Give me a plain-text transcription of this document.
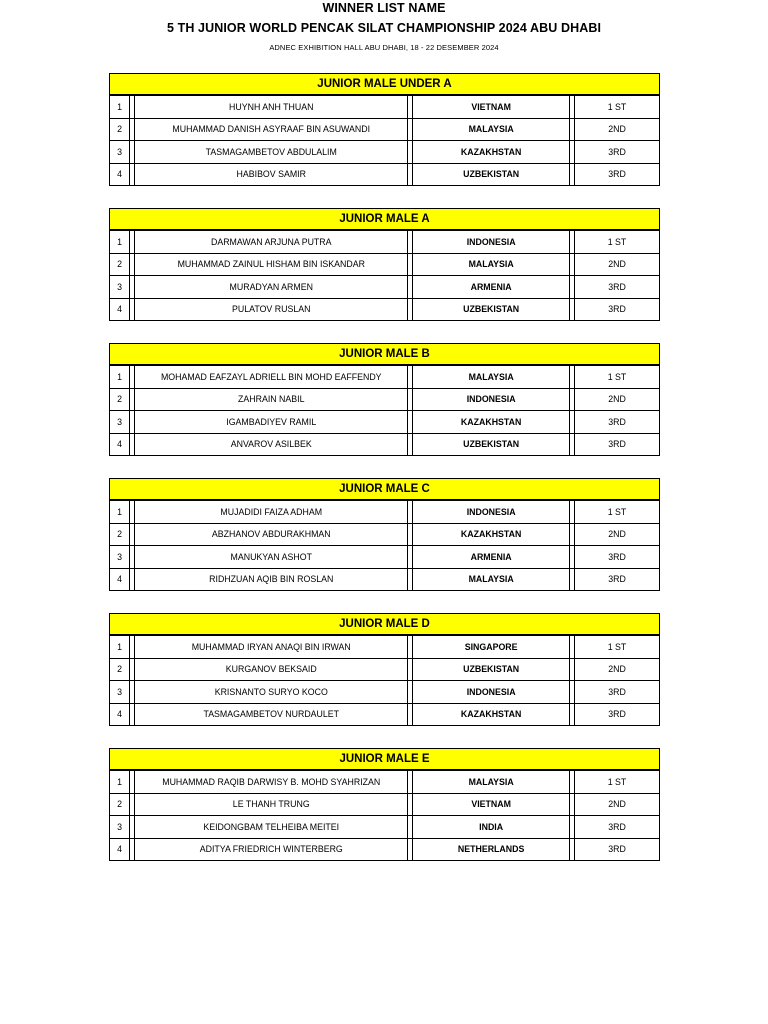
WINNER LIST NAME
5 TH JUNIOR WORLD PENCAK SILAT CHAMPIONSHIP 2024 ABU DHABI
ADNEC EXHIBITION HALL ABU DHABI, 18 - 22 DESEMBER 2024
JUNIOR MALE UNDER A
1		HUYNH ANH THUAN		VIETNAM		1 ST
2		MUHAMMAD DANISH ASYRAAF BIN ASUWANDI		MALAYSIA		2ND
3		TASMAGAMBETOV ABDULALIM		KAZAKHSTAN		3RD
4		HABIBOV SAMIR		UZBEKISTAN		3RD
JUNIOR MALE A
1		DARMAWAN ARJUNA PUTRA		INDONESIA		1 ST
2		MUHAMMAD ZAINUL HISHAM BIN ISKANDAR		MALAYSIA		2ND
3		MURADYAN ARMEN		ARMENIA		3RD
4		PULATOV RUSLAN		UZBEKISTAN		3RD
JUNIOR MALE B
1		MOHAMAD EAFZAYL ADRIELL BIN MOHD EAFFENDY		MALAYSIA		1 ST
2		ZAHRAIN NABIL		INDONESIA		2ND
3		IGAMBADIYEV RAMIL		KAZAKHSTAN		3RD
4		ANVAROV ASILBEK		UZBEKISTAN		3RD
JUNIOR MALE C
1		MUJADIDI FAIZA ADHAM		INDONESIA		1 ST
2		ABZHANOV ABDURAKHMAN		KAZAKHSTAN		2ND
3		MANUKYAN ASHOT		ARMENIA		3RD
4		RIDHZUAN AQIB BIN ROSLAN		MALAYSIA		3RD
JUNIOR MALE D
1		MUHAMMAD IRYAN ANAQI BIN IRWAN		SINGAPORE		1 ST
2		KURGANOV BEKSAID		UZBEKISTAN		2ND
3		KRISNANTO SURYO KOCO		INDONESIA		3RD
4		TASMAGAMBETOV NURDAULET		KAZAKHSTAN		3RD
JUNIOR MALE E
1		MUHAMMAD RAQIB DARWISY B. MOHD SYAHRIZAN		MALAYSIA		1 ST
2		LE THANH TRUNG		VIETNAM		2ND
3		KEIDONGBAM TELHEIBA MEITEI		INDIA		3RD
4		ADITYA FRIEDRICH WINTERBERG		NETHERLANDS		3RD
